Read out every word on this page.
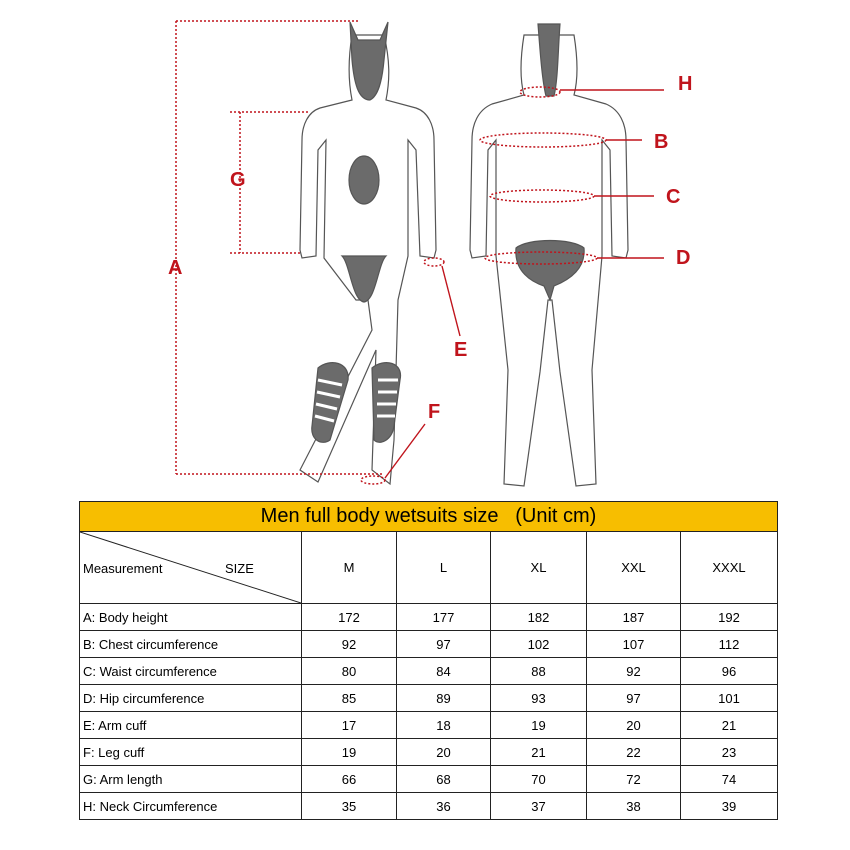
A
B
C
D
E
F
G
H
Men full body wetsuits size   (Unit cm)					

Measurement SIZE	M	L	XL	XXL	XXXL
A: Body height	172	177	182	187	192
B: Chest circumference	92	97	102	107	112
C: Waist circumference	80	84	88	92	96
D: Hip circumference	85	89	93	97	101
E: Arm cuff	17	18	19	20	21
F: Leg cuff	19	20	21	22	23
G: Arm length	66	68	70	72	74
H: Neck Circumference	35	36	37	38	39
